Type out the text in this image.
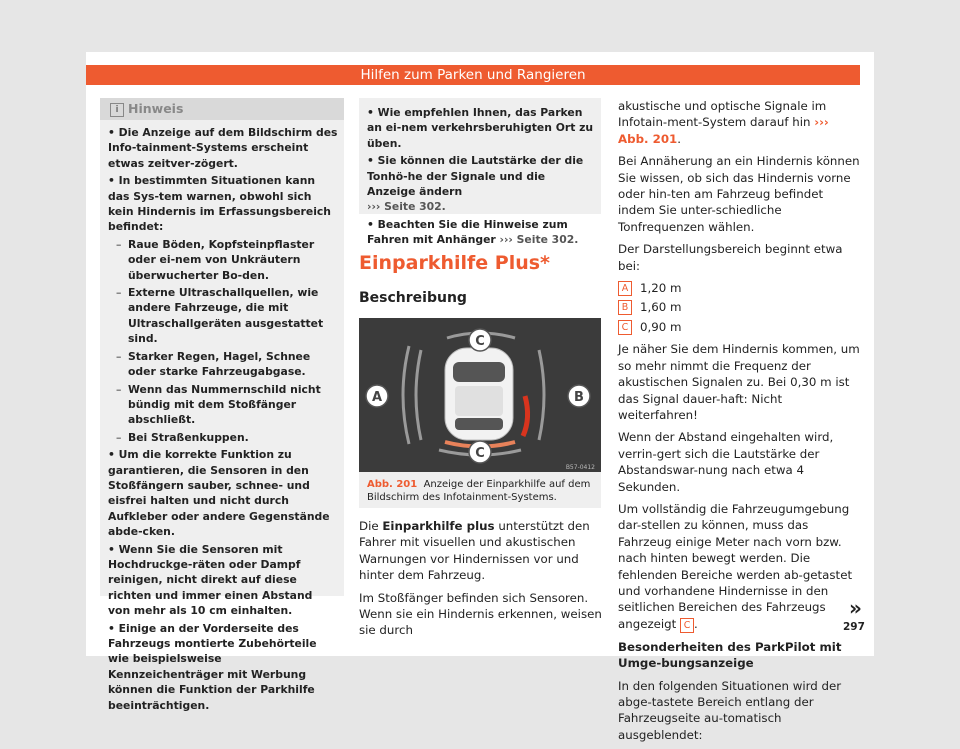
Hilfen zum Parken und Rangieren
i Hinweis

• Die Anzeige auf dem Bildschirm des Info-tainment-Systems erscheint etwas zeitver-zögert.

• In bestimmten Situationen kann das Sys-tem warnen, obwohl sich kein Hindernis im Erfassungsbereich befindet:

– Raue Böden, Kopfsteinpflaster oder ei-nem von Unkräutern überwucherter Bo-den.

– Externe Ultraschallquellen, wie andere Fahrzeuge, die mit Ultraschallgeräten ausgestattet sind.

– Starker Regen, Hagel, Schnee oder starke Fahrzeugabgase.

– Wenn das Nummernschild nicht bündig mit dem Stoßfänger abschließt.

– Bei Straßenkuppen.

• Um die korrekte Funktion zu garantieren, die Sensoren in den Stoßfängern sauber, schnee- und eisfrei halten und nicht durch Aufkleber oder andere Gegenstände abde-cken.

• Wenn Sie die Sensoren mit Hochdruckge-räten oder Dampf reinigen, nicht direkt auf diese richten und immer einen Abstand von mehr als 10 cm einhalten.

• Einige an der Vorderseite des Fahrzeugs montierte Zubehörteile wie beispielsweise Kennzeichenträger mit Werbung können die Funktion der Parkhilfe beeinträchtigen.

• Wie empfehlen Ihnen, das Parken an ei-nem verkehrsberuhigten Ort zu üben.

• Sie können die Lautstärke der die Tonhö-he der Signale und die Anzeige ändern
››› Seite 302.

• Beachten Sie die Hinweise zum Fahren mit Anhänger ››› Seite 302.

Einparkhilfe Plus*
Beschreibung
C
A	B
C
B57-0412
Abb. 201 Anzeige der Einparkhilfe auf dem Bildschirm des Infotainment-Systems.

Die Einparkhilfe plus unterstützt den Fahrer mit visuellen und akustischen Warnungen vor Hindernissen vor und hinter dem Fahrzeug.

Im Stoßfänger befinden sich Sensoren. Wenn sie ein Hindernis erkennen, weisen sie durch

akustische und optische Signale im Infotain-ment-System darauf hin ››› Abb. 201.

Bei Annäherung an ein Hindernis können Sie wissen, ob sich das Hindernis vorne oder hin-ten am Fahrzeug befindet indem Sie unter-schiedliche Tonfrequenzen wählen.

Der Darstellungsbereich beginnt etwa bei:

A 1,20 m
B 1,60 m
C 0,90 m

Je näher Sie dem Hindernis kommen, um so mehr nimmt die Frequenz der akustischen Signalen zu. Bei 0,30 m ist das Signal dauer-haft: Nicht weiterfahren!

Wenn der Abstand eingehalten wird, verrin-gert sich die Lautstärke der Abstandswar-nung nach etwa 4 Sekunden.

Um vollständig die Fahrzeugumgebung dar-stellen zu können, muss das Fahrzeug einige Meter nach vorn bzw. nach hinten bewegt werden. Die fehlenden Bereiche werden ab-getastet und vorhandene Hindernisse in den seitlichen Bereichen des Fahrzeugs angezeigt C .

Besonderheiten des ParkPilot mit Umge-bungsanzeige

In den folgenden Situationen wird der abge-tastete Bereich entlang der Fahrzeugseite au-tomatisch ausgeblendet:

»
297
